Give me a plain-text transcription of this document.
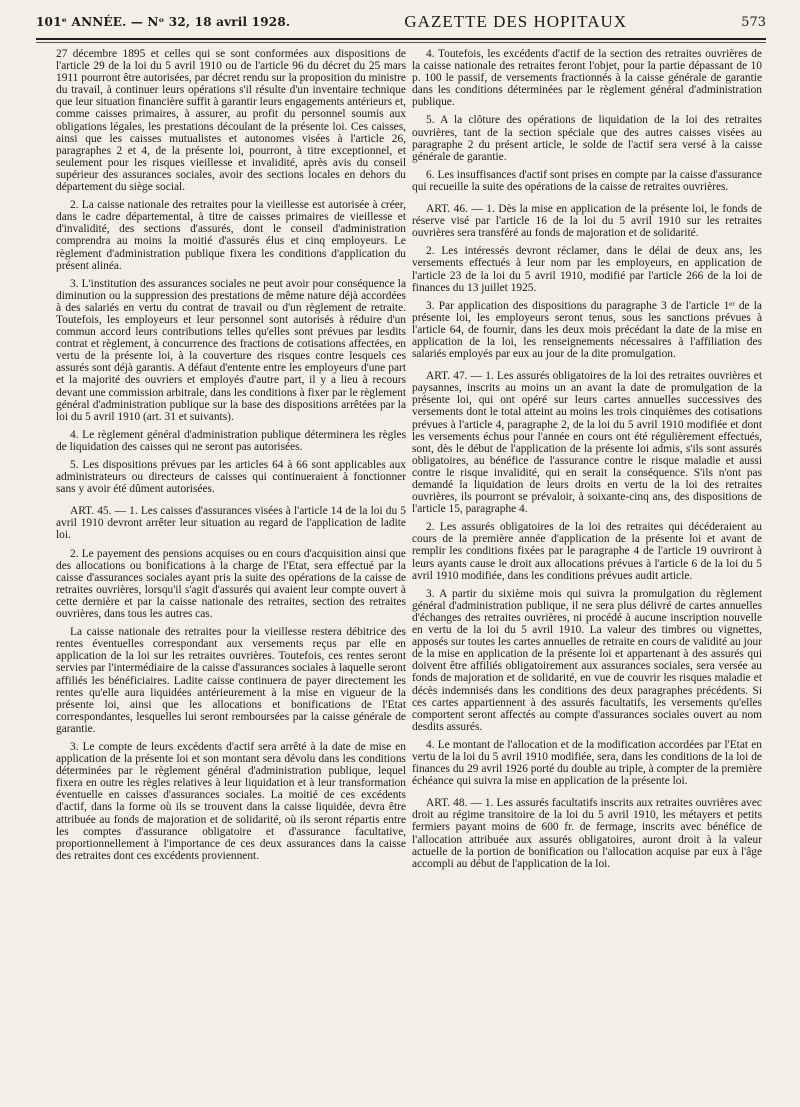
101ᵉ ANNÉE. — Nᵒ 32, 18 avril 1928.	GAZETTE DES HOPITAUX	573

27 décembre 1895 et celles qui se sont conformées aux dispositions de l'article 29 de la loi du 5 avril 1910 ou de l'article 96 du décret du 25 mars 1911 pourront être autorisées, par décret rendu sur la proposition du ministre du travail, à continuer leurs opérations s'il résulte d'un inventaire technique que leur situation financière suffit à garantir leurs engagements antérieurs et, comme caisses primaires, à assurer, au profit du personnel soumis aux obligations légales, les prestations découlant de la présente loi. Ces caisses, ainsi que les caisses mutualistes et autonomes visées à l'article 26, paragraphes 2 et 4, de la présente loi, pourront, à titre exceptionnel, et seulement pour les risques vieillesse et invalidité, après avis du conseil supérieur des assurances sociales, avoir des sections locales en dehors du département du siège social.

2. La caisse nationale des retraites pour la vieillesse est autorisée à créer, dans le cadre départemental, à titre de caisses primaires de vieillesse et d'invalidité, des sections d'assurés, dont le conseil d'administration comprendra au moins la moitié d'assurés élus et cinq employeurs. Le règlement d'administration publique fixera les conditions d'application du présent alinéa.

3. L'institution des assurances sociales ne peut avoir pour conséquence la diminution ou la suppression des prestations de même nature déjà accordées à des salariés en vertu du contrat de travail ou d'un règlement de retraite. Toutefois, les employeurs et leur personnel sont autorisés à réduire d'un commun accord leurs contributions telles qu'elles sont prévues par lesdits contrat et règlement, à concurrence des fractions de cotisations affectées, en vertu de la présente loi, à la couverture des risques contre lesquels ces assurés sont déjà garantis. A défaut d'entente entre les employeurs d'une part et la majorité des ouvriers et employés d'autre part, il y a lieu à recours devant une commission arbitrale, dans les conditions à fixer par le règlement général d'administration publique sur la base des dispositions arrêtées par la loi du 5 avril 1910 (art. 31 et suivants).

4. Le règlement général d'administration publique déterminera les règles de liquidation des caisses qui ne seront pas autorisées.

5. Les dispositions prévues par les articles 64 à 66 sont applicables aux administrateurs ou directeurs de caisses qui continueraient à fonctionner sans y avoir été dûment autorisées.

ART. 45. — 1. Les caisses d'assurances visées à l'article 14 de la loi du 5 avril 1910 devront arrêter leur situation au regard de l'application de ladite loi.

2. Le payement des pensions acquises ou en cours d'acquisition ainsi que des allocations ou bonifications à la charge de l'Etat, sera effectué par la caisse d'assurances sociales ayant pris la suite des opérations de la caisse de retraites ouvrières, lorsqu'il s'agit d'assurés qui avaient leur compte ouvert à cette dernière et par la caisse nationale des retraites, section des retraites ouvrières, dans tous les autres cas.

La caisse nationale des retraites pour la vieillesse restera débitrice des rentes éventuelles correspondant aux versements reçus par elle en application de la loi sur les retraites ouvrières. Toutefois, ces rentes seront servies par l'intermédiaire de la caisse d'assurances sociales à laquelle seront affiliés les bénéficiaires. Ladite caisse continuera de payer directement les rentes qu'elle aura liquidées antérieurement à la mise en vigueur de la présente loi, ainsi que les allocations et bonifications de l'Etat correspondantes, lesquelles lui seront remboursées par la caisse générale de garantie.

3. Le compte de leurs excédents d'actif sera arrêté à la date de mise en application de la présente loi et son montant sera dévolu dans les conditions déterminées par le règlement général d'administration publique, lequel fixera en outre les règles relatives à leur liquidation et à leur transformation éventuelle en caisses d'assurances sociales. La moitié de ces excédents d'actif, dans la forme où ils se trouvent dans la caisse liquidée, devra être attribuée au fonds de majoration et de solidarité, où ils seront répartis entre les comptes d'assurance obligatoire et d'assurance facultative, proportionnellement à l'importance de ces deux assurances dans la caisse des retraites dont ces excédents proviennent.

4. Toutefois, les excédents d'actif de la section des retraites ouvrières de la caisse nationale des retraites feront l'objet, pour la partie dépassant de 10 p. 100 le passif, de versements fractionnés à la caisse générale de garantie dans les conditions déterminées par le règlement général d'administration publique.

5. A la clôture des opérations de liquidation de la loi des retraites ouvrières, tant de la section spéciale que des autres caisses visées au paragraphe 2 du présent article, le solde de l'actif sera versé à la caisse générale de garantie.

6. Les insuffisances d'actif sont prises en compte par la caisse d'assurance qui recueille la suite des opérations de la caisse de retraites ouvrières.

ART. 46. — 1. Dès la mise en application de la présente loi, le fonds de réserve visé par l'article 16 de la loi du 5 avril 1910 sur les retraites ouvrières sera transféré au fonds de majoration et de solidarité.

2. Les intéressés devront réclamer, dans le délai de deux ans, les versements effectués à leur nom par les employeurs, en application de l'article 23 de la loi du 5 avril 1910, modifié par l'article 266 de la loi de finances du 13 juillet 1925.

3. Par application des dispositions du paragraphe 3 de l'article 1ᵉʳ de la présente loi, les employeurs seront tenus, sous les sanctions prévues à l'article 64, de fournir, dans les deux mois précédant la date de la mise en application de la loi, les renseignements nécessaires à l'affiliation des salariés employés par eux au jour de la dite promulgation.

ART. 47. — 1. Les assurés obligatoires de la loi des retraites ouvrières et paysannes, inscrits au moins un an avant la date de promulgation de la présente loi, qui ont opéré sur leurs cartes annuelles successives des versements dont le total atteint au moins les trois cinquièmes des cotisations prévues à l'article 4, paragraphe 2, de la loi du 5 avril 1910 modifiée et dont les versements échus pour l'année en cours ont été régulièrement effectués, sont, dès le début de l'application de la présente loi admis, s'ils sont assurés obligatoires, au bénéfice de l'assurance contre le risque maladie et aussi contre le risque invalidité, qui en serait la conséquence. S'ils n'ont pas demandé la liquidation de leurs droits en vertu de la loi des retraites ouvrières, ils pourront se prévaloir, à soixante-cinq ans, des dispositions de l'article 15, paragraphe 4.

2. Les assurés obligatoires de la loi des retraites qui décéderaient au cours de la première année d'application de la présente loi et avant de remplir les conditions fixées par le paragraphe 4 de l'article 19 ouvriront à leurs ayants cause le droit aux allocations prévues à l'article 6 de la loi du 5 avril 1910 modifiée, dans les conditions prévues audit article.

3. A partir du sixième mois qui suivra la promulgation du règlement général d'administration publique, il ne sera plus délivré de cartes annuelles d'échanges des retraites ouvrières, ni procédé à aucune inscription nouvelle en vertu de la loi du 5 avril 1910. La valeur des timbres ou vignettes, apposés sur toutes les cartes annuelles de retraite en cours de validité au jour de la mise en application de la présente loi et appartenant à des assurés qui doivent être affiliés obligatoirement aux assurances sociales, sera versée au fonds de majoration et de solidarité, en vue de couvrir les risques maladie et décès indemnisés dans les conditions des deux paragraphes précédents. Si ces cartes appartiennent à des assurés facultatifs, les versements qu'elles comportent seront affectés au compte d'assurances sociales ouvert au nom desdits assurés.

4. Le montant de l'allocation et de la modification accordées par l'Etat en vertu de la loi du 5 avril 1910 modifiée, sera, dans les conditions de la loi de finances du 29 avril 1926 porté du double au triple, à compter de la première échéance qui suivra la mise en application de la présente loi.

ART. 48. — 1. Les assurés facultatifs inscrits aux retraites ouvrières avec droit au régime transitoire de la loi du 5 avril 1910, les métayers et petits fermiers payant moins de 600 fr. de fermage, inscrits avec bénéfice de l'allocation attribuée aux assurés obligatoires, auront droit à la valeur actuelle de la portion de bonification ou l'allocation acquise par eux à l'âge accompli au début de l'application de la loi.
